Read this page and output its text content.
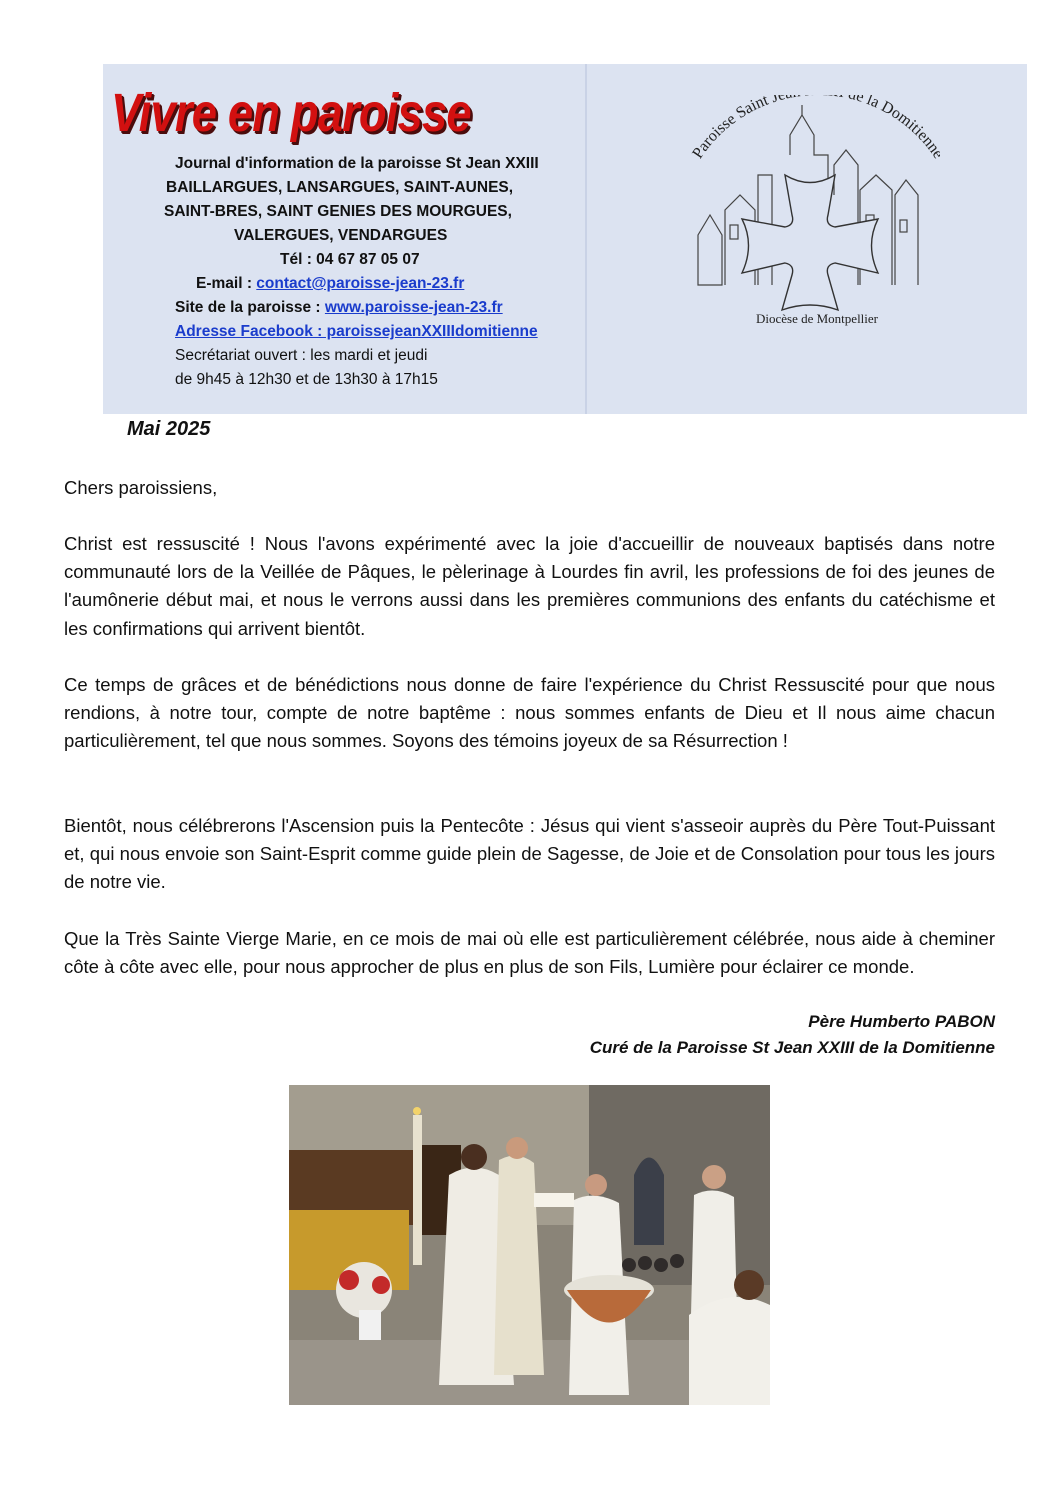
Vivre en paroisse
Journal d'information de la paroisse St Jean XXIII
BAILLARGUES, LANSARGUES, SAINT-AUNES,
SAINT-BRES, SAINT GENIES DES MOURGUES,
VALERGUES, VENDARGUES
Tél : 04 67 87 05 07
E-mail : contact@paroisse-jean-23.fr
Site de la paroisse : www.paroisse-jean-23.fr
Adresse Facebook : paroissejeanXXIIIdomitienne
Secrétariat ouvert : les mardi et jeudi
de 9h45 à 12h30 et de 13h30 à 17h15
Paroisse Saint Je e la Domitien
Diocèse de Montpellier
Mai 2025
Chers paroissiens,

Christ est ressuscité ! Nous l'avons expérimenté avec la joie d'accueillir de nouveaux baptisés dans notre communauté lors de la Veillée de Pâques, le pèlerinage à Lourdes fin avril, les professions de foi des jeunes de l'aumônerie début mai, et nous le verrons aussi dans les premières communions des enfants du catéchisme et les confirmations qui arrivent bientôt.

Ce temps de grâces et de bénédictions nous donne de faire l'expérience du Christ Ressuscité pour que nous rendions, à notre tour, compte de notre baptême : nous sommes enfants de Dieu et Il nous aime chacun particulièrement, tel que nous sommes. Soyons des témoins joyeux de sa Résurrection !

Bientôt, nous célébrerons l'Ascension puis la Pentecôte : Jésus qui vient s'asseoir auprès du Père Tout-Puissant et, qui nous envoie son Saint-Esprit comme guide plein de Sagesse, de Joie et de Consolation pour tous les jours de notre vie.

Que la Très Sainte Vierge Marie, en ce mois de mai où elle est particulièrement célébrée, nous aide à cheminer côte à côte avec elle, pour nous approcher de plus en plus de son Fils, Lumière pour éclairer ce monde.

Père Humberto PABON
Curé de la Paroisse St Jean XXIII de la Domitienne
